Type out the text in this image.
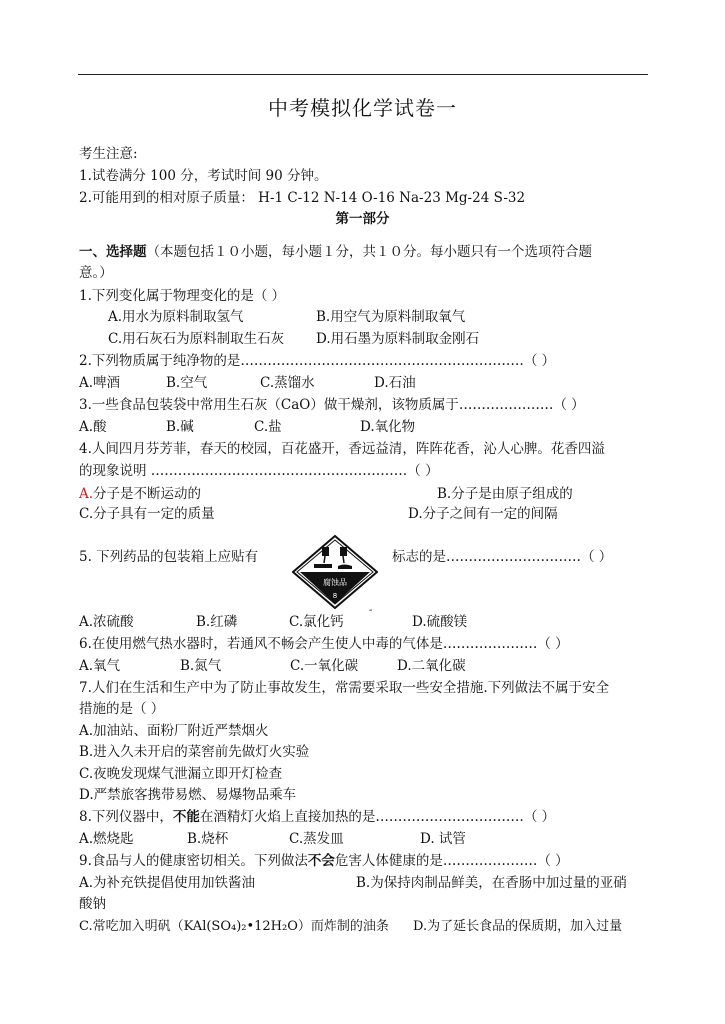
中考模拟化学试卷一
考生注意:
1.试卷满分 100 分，考试时间 90 分钟。
2.可能用到的相对原子质量： H-1 C-12 N-14 O-16 Na-23 Mg-24 S-32
第一部分
一、选择题（本题包括１０小题，每小题１分，共１０分。每小题只有一个选项符合题
意。）
1.下列变化属于物理变化的是（ ）
A.用水为原料制取氢气	B.用空气为原料制取氧气
C.用石灰石为原料制取生石灰 D.用石墨为原料制取金刚石
2.下列物质属于纯净物的是………………………………………………………（ ）
A.啤酒	B.空气	C.蒸馏水	D.石油
3.一些食品包装袋中常用生石灰（CaO）做干燥剂，该物质属于…………………（ ）
A.酸	B.碱	C.盐	D.氧化物
4.人间四月芬芳菲，春天的校园，百花盛开，香远益清，阵阵花香，沁人心脾。花香四溢
的现象说明 …………………………………………………（ ）
A.分子是不断运动的	B.分子是由原子组成的
C.分子具有一定的质量	D.分子之间有一定的间隔
5. 下列药品的包装箱上应贴有
腐蚀品
8
标志的是…………………………（ ）
-
A.浓硫酸	B.红磷	C.氯化钙	D.硫酸镁
6.在使用燃气热水器时，若通风不畅会产生使人中毒的气体是…………………（ ）
A.氧气	B.氮气	C.一氧化碳	D.二氧化碳
7.人们在生活和生产中为了防止事故发生，常需要采取一些安全措施.下列做法不属于安全
措施的是（ ）
A.加油站、面粉厂附近严禁烟火
B.进入久未开启的菜窖前先做灯火实验
C.夜晚发现煤气泄漏立即开灯检查
D.严禁旅客携带易燃、易爆物品乘车
8.下列仪器中，不能在酒精灯火焰上直接加热的是……………………………（ ）
A.燃烧匙	B.烧杯	C.蒸发皿	D. 试管
9.食品与人的健康密切相关。下列做法不会危害人体健康的是…………………（ ）
A.为补充铁提倡使用加铁酱油	B.为保持肉制品鲜美，在香肠中加过量的亚硝
酸钠
C.常吃加入明矾（KAl(SO₄)₂•12H₂O）而炸制的油条 D.为了延长食品的保质期，加入过量
